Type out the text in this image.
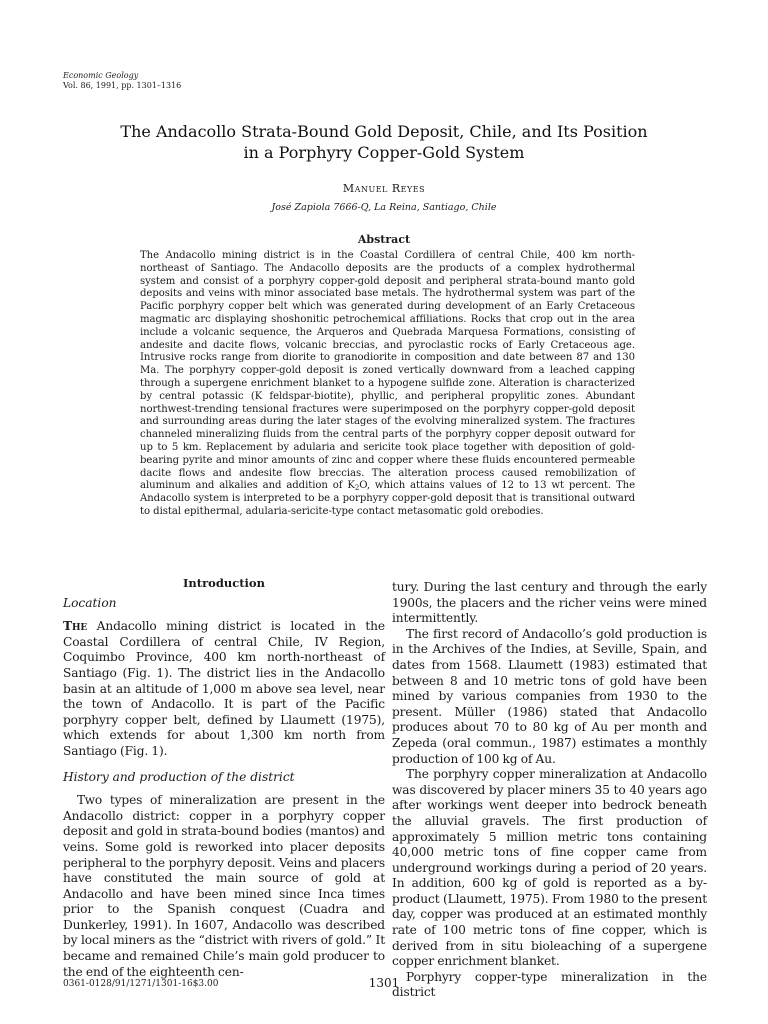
Economic Geology
Vol. 86, 1991, pp. 1301–1316
The Andacollo Strata-Bound Gold Deposit, Chile, and Its Position
in a Porphyry Copper-Gold System
Manuel Reyes
José Zapiola 7666-Q, La Reina, Santiago, Chile
Abstract
The Andacollo mining district is in the Coastal Cordillera of central Chile, 400 km north-northeast of Santiago. The Andacollo deposits are the products of a complex hydrothermal system and consist of a porphyry copper-gold deposit and peripheral strata-bound manto gold deposits and veins with minor associated base metals. The hydrothermal system was part of the Pacific porphyry copper belt which was generated during development of an Early Cretaceous magmatic arc displaying shoshonitic petrochemical affiliations. Rocks that crop out in the area include a volcanic sequence, the Arqueros and Quebrada Marquesa Formations, consisting of andesite and dacite flows, volcanic breccias, and pyroclastic rocks of Early Cretaceous age. Intrusive rocks range from diorite to granodiorite in composition and date between 87 and 130 Ma. The porphyry copper-gold deposit is zoned vertically downward from a leached capping through a supergene enrichment blanket to a hypogene sulfide zone. Alteration is characterized by central potassic (K feldspar-biotite), phyllic, and peripheral propylitic zones. Abundant northwest-trending tensional fractures were superimposed on the porphyry copper-gold deposit and surrounding areas during the later stages of the evolving mineralized system. The fractures channeled mineralizing fluids from the central parts of the porphyry copper deposit outward for up to 5 km. Replacement by adularia and sericite took place together with deposition of gold-bearing pyrite and minor amounts of zinc and copper where these fluids encountered permeable dacite flows and andesite flow breccias. The alteration process caused remobilization of aluminum and alkalies and addition of $K_2O$, which attains values of 12 to 13 wt percent. The Andacollo system is interpreted to be a porphyry copper-gold deposit that is transitional outward to distal epithermal, adularia-sericite-type contact metasomatic gold orebodies.
Introduction
Location

The Andacollo mining district is located in the Coastal Cordillera of central Chile, IV Region, Coquimbo Province, 400 km north-northeast of Santiago (Fig. 1). The district lies in the Andacollo basin at an altitude of 1,000 m above sea level, near the town of Andacollo. It is part of the Pacific porphyry copper belt, defined by Llaumett (1975), which extends for about 1,300 km north from Santiago (Fig. 1).

History and production of the district

Two types of mineralization are present in the Andacollo district: copper in a porphyry copper deposit and gold in strata-bound bodies (mantos) and veins. Some gold is reworked into placer deposits peripheral to the porphyry deposit. Veins and placers have constituted the main source of gold at Andacollo and have been mined since Inca times prior to the Spanish conquest (Cuadra and Dunkerley, 1991). In 1607, Andacollo was described by local miners as the “district with rivers of gold.” It became and remained Chile’s main gold producer to the end of the eighteenth cen-

tury. During the last century and through the early 1900s, the placers and the richer veins were mined intermittently.

The first record of Andacollo’s gold production is in the Archives of the Indies, at Seville, Spain, and dates from 1568. Llaumett (1983) estimated that between 8 and 10 metric tons of gold have been mined by various companies from 1930 to the present. Müller (1986) stated that Andacollo produces about 70 to 80 kg of Au per month and Zepeda (oral commun., 1987) estimates a monthly production of 100 kg of Au.

The porphyry copper mineralization at Andacollo was discovered by placer miners 35 to 40 years ago after workings went deeper into bedrock beneath the alluvial gravels. The first production of approximately 5 million metric tons containing 40,000 metric tons of fine copper came from underground workings during a period of 20 years. In addition, 600 kg of gold is reported as a by-product (Llaumett, 1975). From 1980 to the present day, copper was produced at an estimated monthly rate of 100 metric tons of fine copper, which is derived from in situ bioleaching of a supergene copper enrichment blanket.

Porphyry copper-type mineralization in the district

0361-0128/91/1271/1301-16$3.00	1301
